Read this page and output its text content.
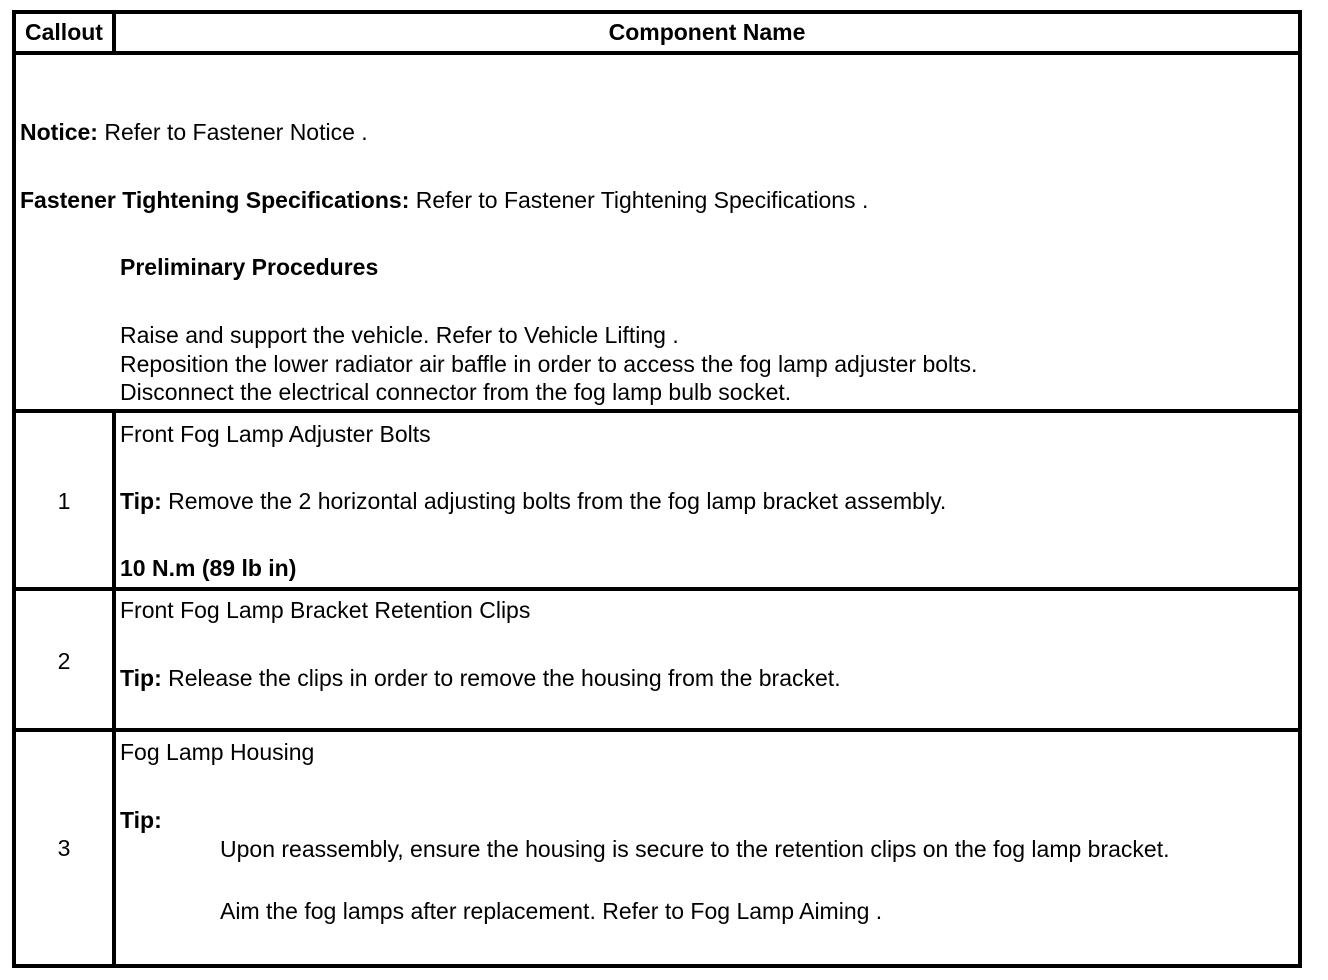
Callout	Component Name
Notice: Refer to Fastener Notice .
Fastener Tightening Specifications: Refer to Fastener Tightening Specifications .
Preliminary Procedures
Raise and support the vehicle. Refer to Vehicle Lifting .
Reposition the lower radiator air baffle in order to access the fog lamp adjuster bolts.
Disconnect the electrical connector from the fog lamp bulb socket.
1
Front Fog Lamp Adjuster Bolts
Tip: Remove the 2 horizontal adjusting bolts from the fog lamp bracket assembly.
10 N.m (89 lb in)
2
Front Fog Lamp Bracket Retention Clips
Tip: Release the clips in order to remove the housing from the bracket.
3
Fog Lamp Housing
Tip:
Upon reassembly, ensure the housing is secure to the retention clips on the fog lamp bracket.
Aim the fog lamps after replacement. Refer to Fog Lamp Aiming .
